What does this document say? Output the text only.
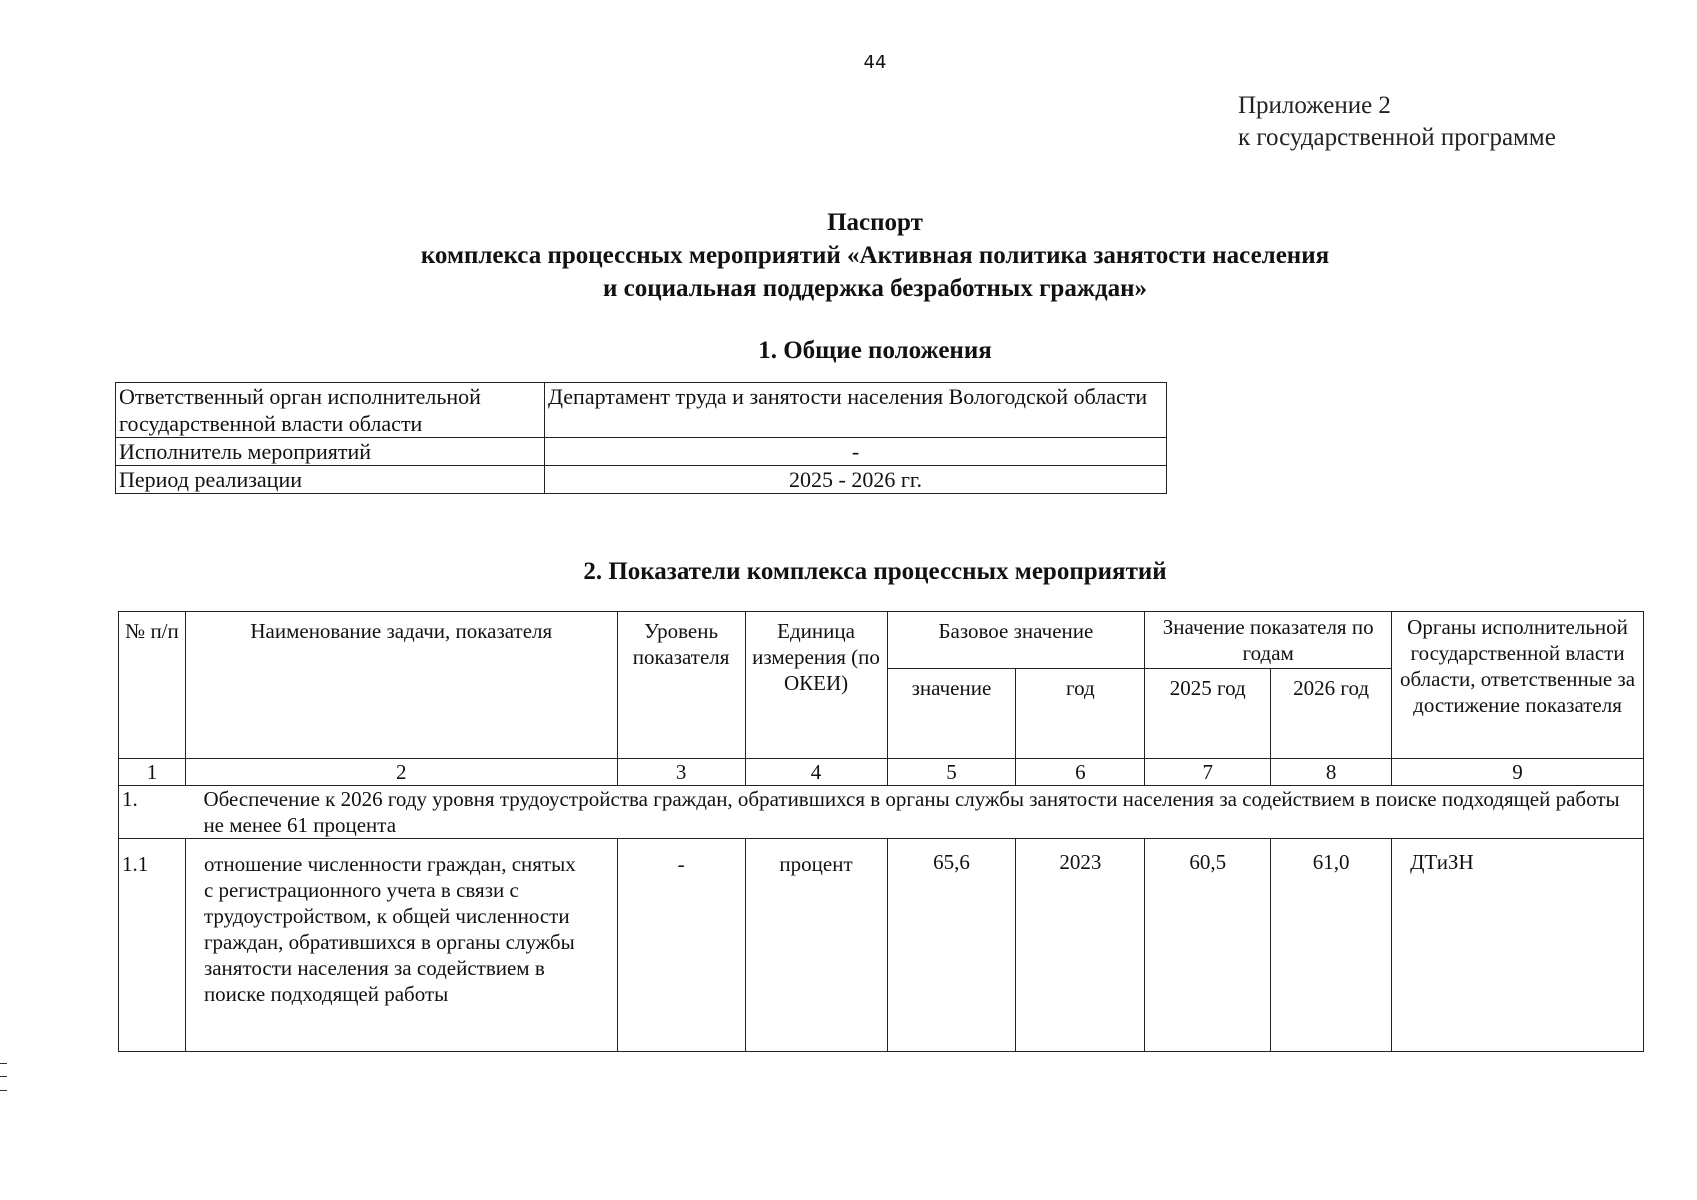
44
Приложение 2
к государственной программе
Паспорт
комплекса процессных мероприятий «Активная политика занятости населения
и социальная поддержка безработных граждан»
1. Общие положения
Ответственный орган исполнительной государственной власти области	Департамент труда и занятости населения Вологодской области
Исполнитель мероприятий	-
Период реализации	2025 - 2026 гг.
2. Показатели комплекса процессных мероприятий
№ п/п	Наименование задачи, показателя	Уровень показателя	Единица измерения (по ОКЕИ)	Базовое значение		Значение показателя по годам		Органы исполнительной государственной власти области, ответственные за достижение показателя
				значение	год	2025 год	2026 год	
1	2	3	4	5	6	7	8	9
1.	Обеспечение к 2026 году уровня трудоустройства граждан, обратившихся в органы службы занятости населения за содействием в поиске подходящей работы не менее 61 процента							
1.1	отношение численности граждан, снятых с регистрационного учета в связи с трудоустройством, к общей численности граждан, обратившихся в органы службы занятости населения за содействием в поиске подходящей работы	-	процент	65,6	2023	60,5	61,0	ДТиЗН
